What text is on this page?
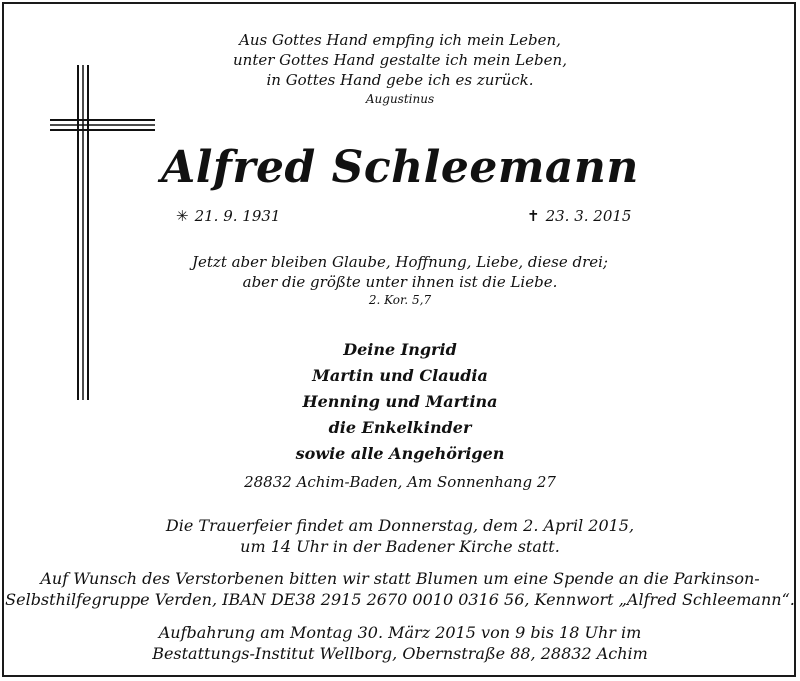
Aus Gottes Hand empfing ich mein Leben,
unter Gottes Hand gestalte ich mein Leben,
in Gottes Hand gebe ich es zurück.
Augustinus
Alfred Schleemann
✳ 21. 9. 1931	✝ 23. 3. 2015
Jetzt aber bleiben Glaube, Hoffnung, Liebe, diese drei;
aber die größte unter ihnen ist die Liebe.
2. Kor. 5,7
Deine Ingrid
Martin und Claudia
Henning und Martina
die Enkelkinder
sowie alle Angehörigen
28832 Achim-Baden, Am Sonnenhang 27
Die Trauerfeier findet am Donnerstag, dem 2. April 2015,
um 14 Uhr in der Badener Kirche statt.
Auf Wunsch des Verstorbenen bitten wir statt Blumen um eine Spende an die Parkinson-
Selbsthilfegruppe Verden, IBAN DE38 2915 2670 0010 0316 56, Kennwort „Alfred Schleemann“.
Aufbahrung am Montag 30. März 2015 von 9 bis 18 Uhr im
Bestattungs-Institut Wellborg, Obernstraße 88, 28832 Achim
